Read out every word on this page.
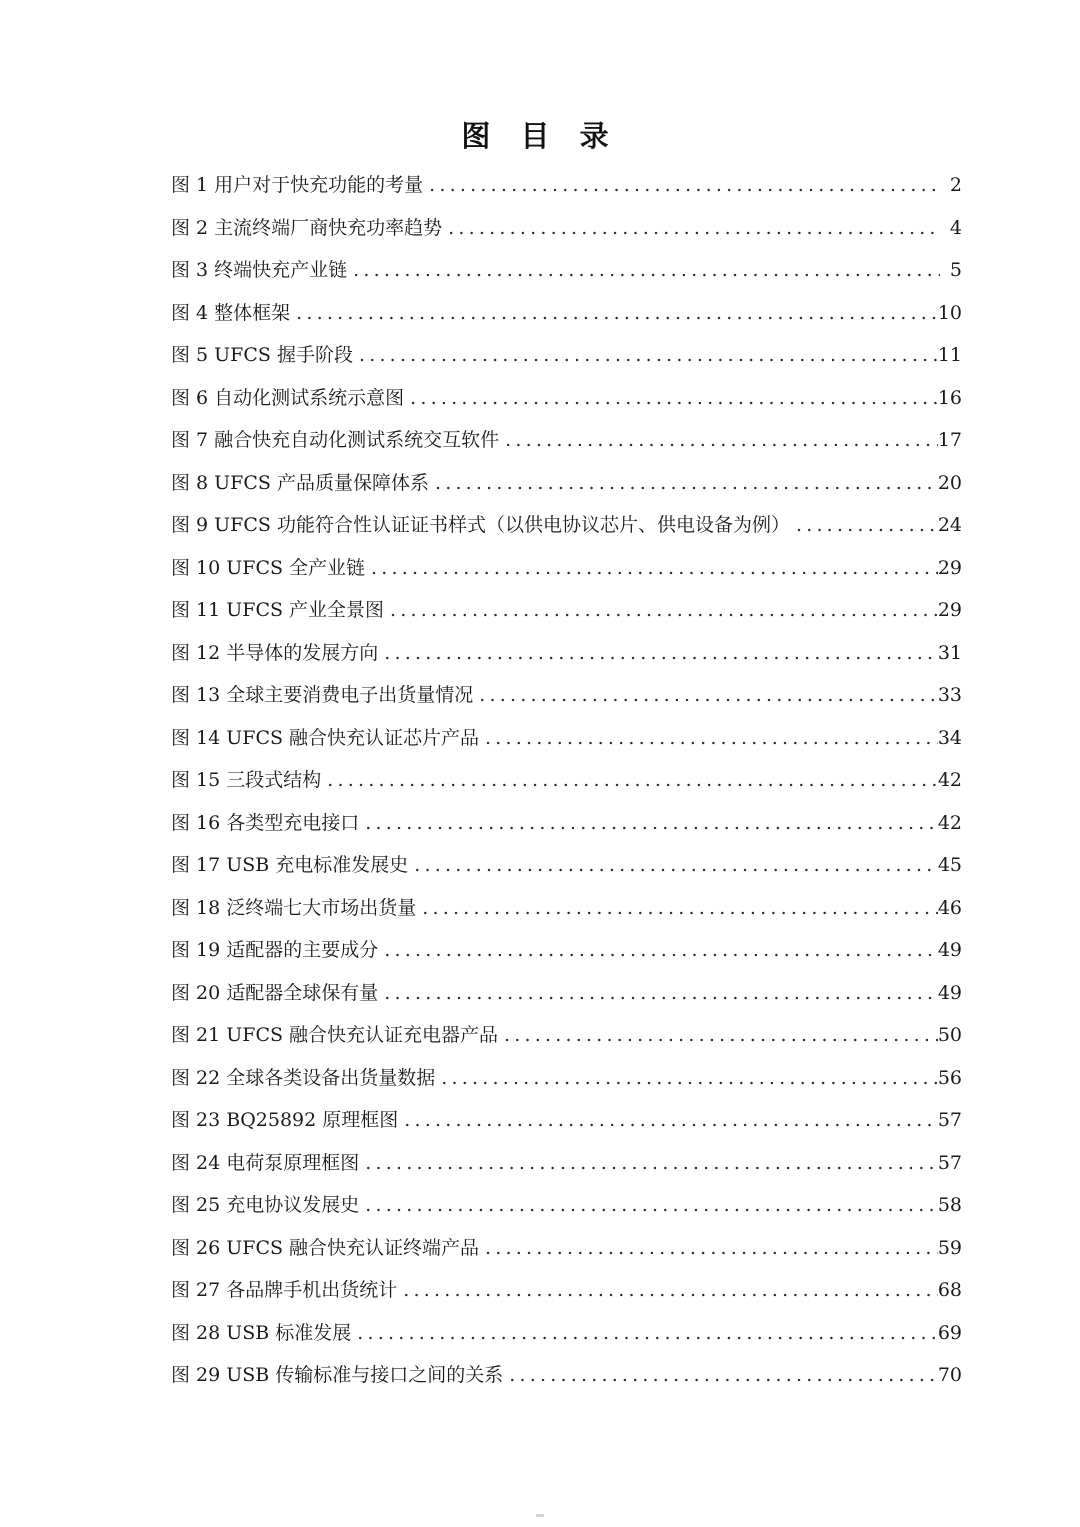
图 目 录
图 1 用户对于快充功能的考量 .....	2
图 2 主流终端厂商快充功率趋势 .....	4
图 3 终端快充产业链 .....	5
图 4 整体框架 .....	10
图 5 UFCS 握手阶段 .....	11
图 6 自动化测试系统示意图 .....	16
图 7 融合快充自动化测试系统交互软件 .....	17
图 8 UFCS 产品质量保障体系 .....	20
图 9 UFCS 功能符合性认证证书样式（以供电协议芯片、供电设备为例） .....	24
图 10 UFCS 全产业链 .....	29
图 11 UFCS 产业全景图 .....	29
图 12 半导体的发展方向 .....	31
图 13 全球主要消费电子出货量情况 .....	33
图 14 UFCS 融合快充认证芯片产品 .....	34
图 15 三段式结构 .....	42
图 16 各类型充电接口 .....	42
图 17 USB 充电标准发展史 .....	45
图 18 泛终端七大市场出货量 .....	46
图 19 适配器的主要成分 .....	49
图 20 适配器全球保有量 .....	49
图 21 UFCS 融合快充认证充电器产品 .....	50
图 22 全球各类设备出货量数据 .....	56
图 23 BQ25892 原理框图 .....	57
图 24 电荷泵原理框图 .....	57
图 25 充电协议发展史 .....	58
图 26 UFCS 融合快充认证终端产品 .....	59
图 27 各品牌手机出货统计 .....	68
图 28 USB 标准发展 .....	69
图 29 USB 传输标准与接口之间的关系 .....	70
